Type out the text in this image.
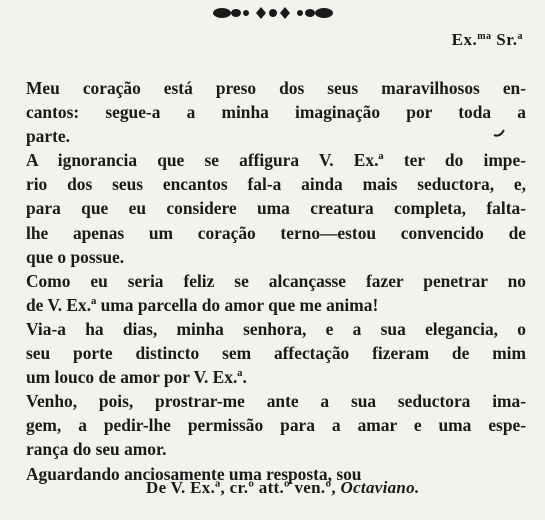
Ex.$^{ma}$ Sr.$^a$
Meu coração está preso dos seus maravilhosos en-
cantos: segue-a a minha imaginação por toda a
parte.
A ignorancia que se affigura V. Ex.ª ter do impe-
rio dos seus encantos fal-a ainda mais seductora, e,
para que eu considere uma creatura completa, falta-
lhe apenas um coração terno—estou convencido de
que o possue.
Como eu seria feliz se alcançasse fazer penetrar no
de V. Ex.ª uma parcella do amor que me anima!
Via-a ha dias, minha senhora, e a sua elegancia, o
seu porte distincto sem affectação fizeram de mim
um louco de amor por V. Ex.ª.
Venho, pois, prostrar-me ante a sua seductora ima-
gem, a pedir-lhe permissão para a amar e uma espe-
rança do seu amor.
Aguardando anciosamente uma resposta, sou
De V. Ex.ª, cr.º att.º ven.º, Octaviano.
